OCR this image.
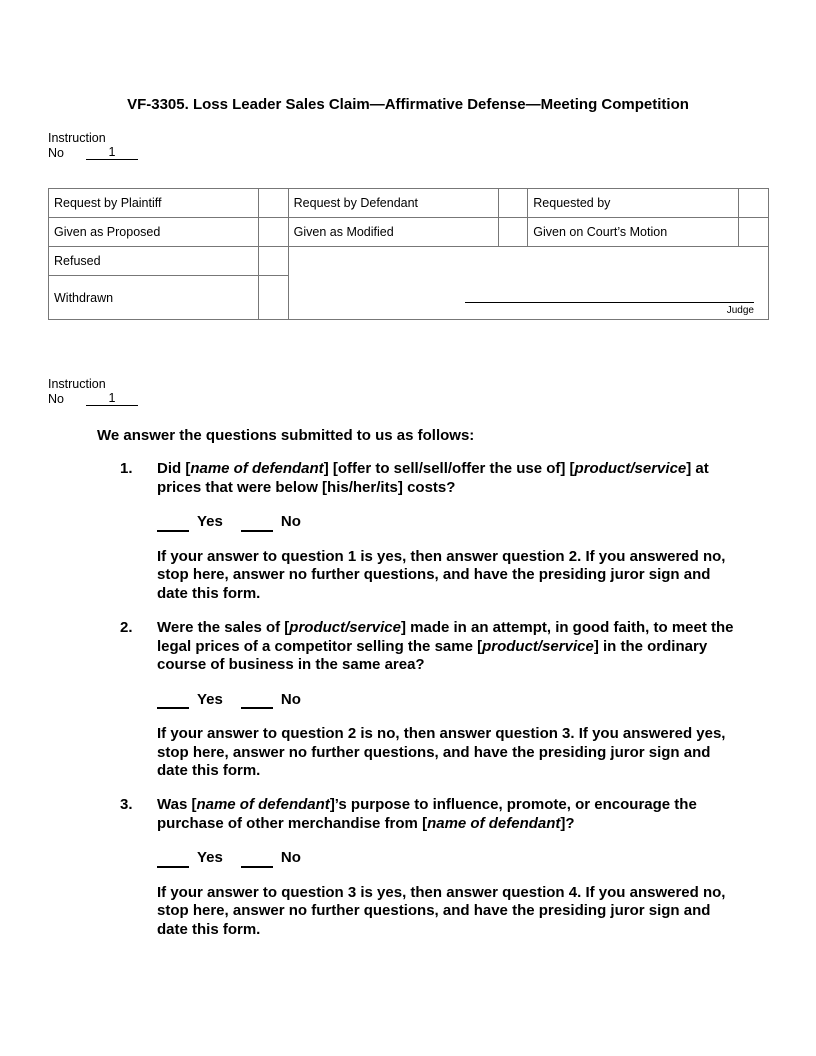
VF-3305. Loss Leader Sales Claim—Affirmative Defense—Meeting Competition
Instruction
No	1
Request by Plaintiff		Request by Defendant		Requested by	
Given as Proposed		Given as Modified		Given on Court’s Motion	
Refused		Judge			

Withdrawn					
Instruction
No	1
We answer the questions submitted to us as follows:
1. Did [name of defendant] [offer to sell/sell/offer the use of] [product/service] at prices that were below [his/her/its] costs?

Yes	No
If your answer to question 1 is yes, then answer question 2. If you answered no, stop here, answer no further questions, and have the presiding juror sign and date this form.
2. Were the sales of [product/service] made in an attempt, in good faith, to meet the legal prices of a competitor selling the same [product/service] in the ordinary course of business in the same area?

Yes	No
If your answer to question 2 is no, then answer question 3. If you answered yes, stop here, answer no further questions, and have the presiding juror sign and date this form.
3. Was [name of defendant]’s purpose to influence, promote, or encourage the purchase of other merchandise from [name of defendant]?

Yes	No
If your answer to question 3 is yes, then answer question 4. If you answered no, stop here, answer no further questions, and have the presiding juror sign and date this form.
